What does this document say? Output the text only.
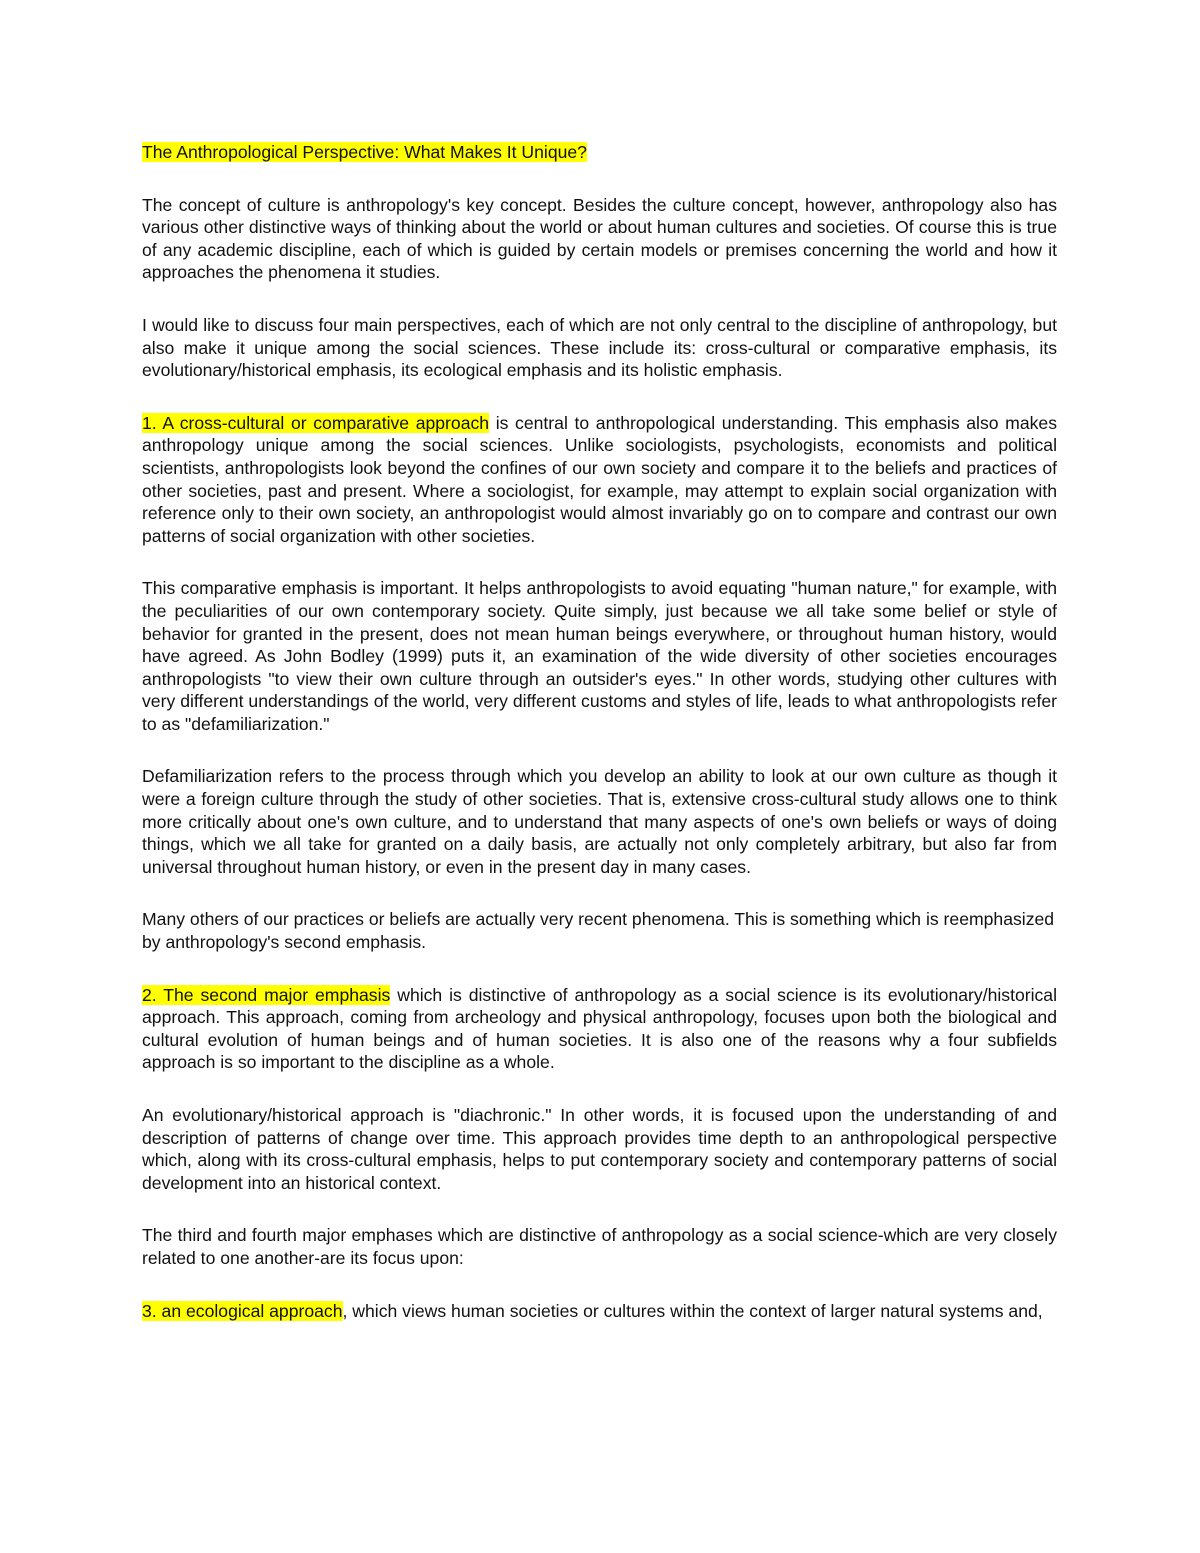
The Anthropological Perspective: What Makes It Unique?

The concept of culture is anthropology's key concept. Besides the culture concept, however, anthropology also has various other distinctive ways of thinking about the world or about human cultures and societies. Of course this is true of any academic discipline, each of which is guided by certain models or premises concerning the world and how it approaches the phenomena it studies.

I would like to discuss four main perspectives, each of which are not only central to the discipline of anthropology, but also make it unique among the social sciences. These include its: cross-cultural or comparative emphasis, its evolutionary/historical emphasis, its ecological emphasis and its holistic emphasis.

1. A cross-cultural or comparative approach is central to anthropological understanding. This emphasis also makes anthropology unique among the social sciences. Unlike sociologists, psychologists, economists and political scientists, anthropologists look beyond the confines of our own society and compare it to the beliefs and practices of other societies, past and present. Where a sociologist, for example, may attempt to explain social organization with reference only to their own society, an anthropologist would almost invariably go on to compare and contrast our own patterns of social organization with other societies.

This comparative emphasis is important. It helps anthropologists to avoid equating "human nature," for example, with the peculiarities of our own contemporary society. Quite simply, just because we all take some belief or style of behavior for granted in the present, does not mean human beings everywhere, or throughout human history, would have agreed. As John Bodley (1999) puts it, an examination of the wide diversity of other societies encourages anthropologists "to view their own culture through an outsider's eyes." In other words, studying other cultures with very different understandings of the world, very different customs and styles of life, leads to what anthropologists refer to as "defamiliarization."

Defamiliarization refers to the process through which you develop an ability to look at our own culture as though it were a foreign culture through the study of other societies. That is, extensive cross-cultural study allows one to think more critically about one's own culture, and to understand that many aspects of one's own beliefs or ways of doing things, which we all take for granted on a daily basis, are actually not only completely arbitrary, but also far from universal throughout human history, or even in the present day in many cases.

Many others of our practices or beliefs are actually very recent phenomena. This is something which is reemphasized by anthropology's second emphasis.

2. The second major emphasis which is distinctive of anthropology as a social science is its evolutionary/historical approach. This approach, coming from archeology and physical anthropology, focuses upon both the biological and cultural evolution of human beings and of human societies. It is also one of the reasons why a four subfields approach is so important to the discipline as a whole.

An evolutionary/historical approach is "diachronic." In other words, it is focused upon the understanding of and description of patterns of change over time. This approach provides time depth to an anthropological perspective which, along with its cross-cultural emphasis, helps to put contemporary society and contemporary patterns of social development into an historical context.

The third and fourth major emphases which are distinctive of anthropology as a social science-which are very closely related to one another-are its focus upon:

3. an ecological approach, which views human societies or cultures within the context of larger natural systems and,
